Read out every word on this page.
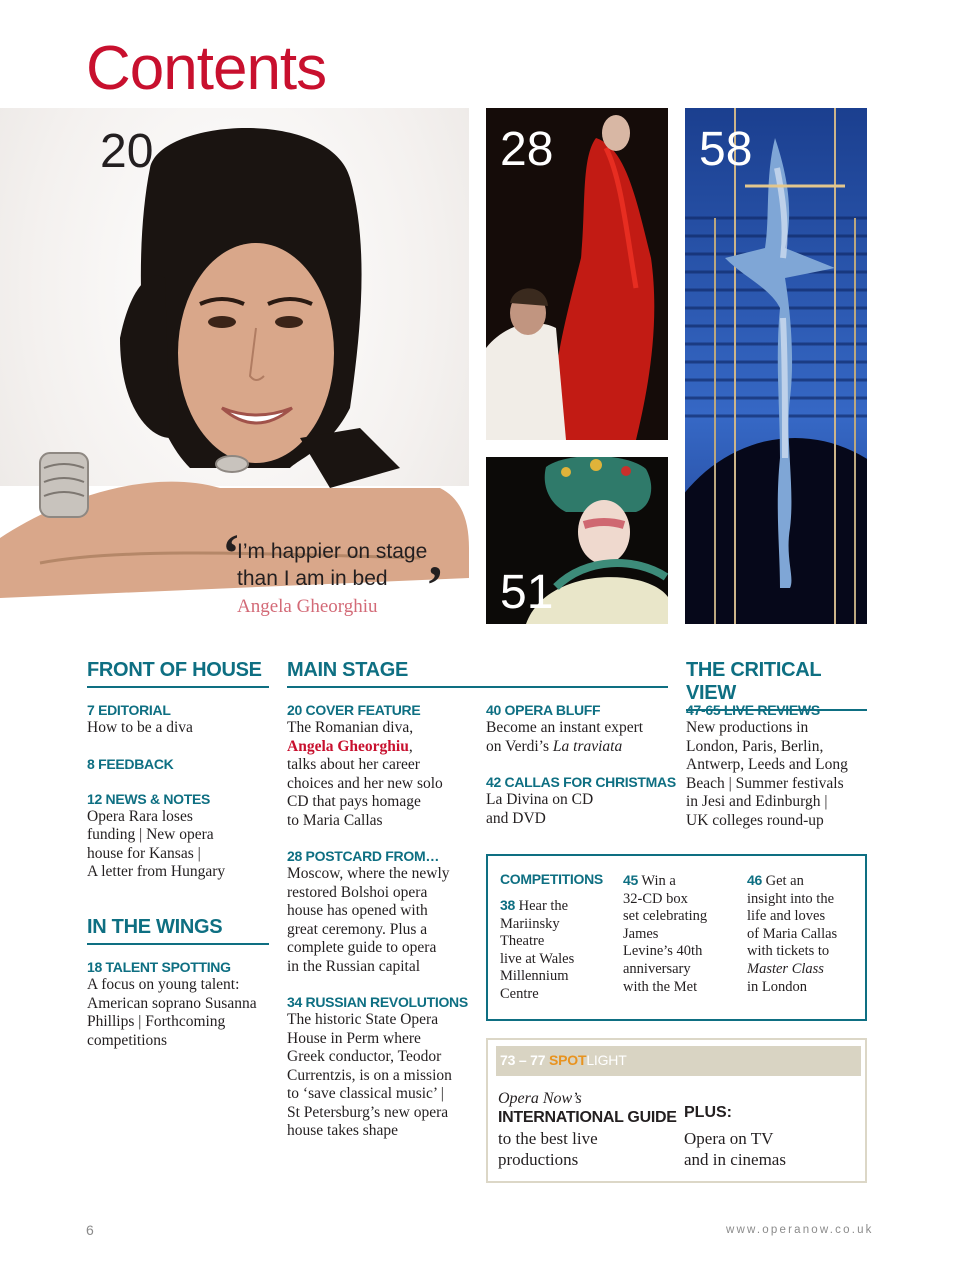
Contents
20
‘
I’m happier on stage
than I am in bed ’
Angela Gheorghiu
28
51
58
FRONT OF HOUSE	MAIN STAGE	THE CRITICAL VIEW
7 EDITORIAL
How to be a diva
8 FEEDBACK
12 NEWS & NOTES
Opera Rara loses
funding | New opera
house for Kansas |
A letter from Hungary
IN THE WINGS
18 TALENT SPOTTING
A focus on young talent:
American soprano Susanna
Phillips | Forthcoming
competitions
20 COVER FEATURE
The Romanian diva,
Angela Gheorghiu,
talks about her career
choices and her new solo
CD that pays homage
to Maria Callas
28 POSTCARD FROM…
Moscow, where the newly
restored Bolshoi opera
house has opened with
great ceremony. Plus a
complete guide to opera
in the Russian capital
34 RUSSIAN REVOLUTIONS
The historic State Opera
House in Perm where
Greek conductor, Teodor
Currentzis, is on a mission
to ‘save classical music’ |
St Petersburg’s new opera
house takes shape
40 OPERA BLUFF
Become an instant expert
on Verdi’s La traviata
42 CALLAS FOR CHRISTMAS
La Divina on CD
and DVD
47-65 LIVE REVIEWS
New productions in
London, Paris, Berlin,
Antwerp, Leeds and Long
Beach | Summer festivals
in Jesi and Edinburgh |
UK colleges round-up
COMPETITIONS
38 Hear the
Mariinsky
Theatre
live at Wales
Millennium
Centre
45 Win a
32-CD box
set celebrating
James
Levine’s 40th
anniversary
with the Met
46 Get an
insight into the
life and loves
of Maria Callas
with tickets to
Master Class
in London
73 – 77 SPOTLIGHT
Opera Now’s
INTERNATIONAL GUIDE
to the best live
productions
PLUS:
Opera on TV
and in cinemas
6	www.operanow.co.uk
